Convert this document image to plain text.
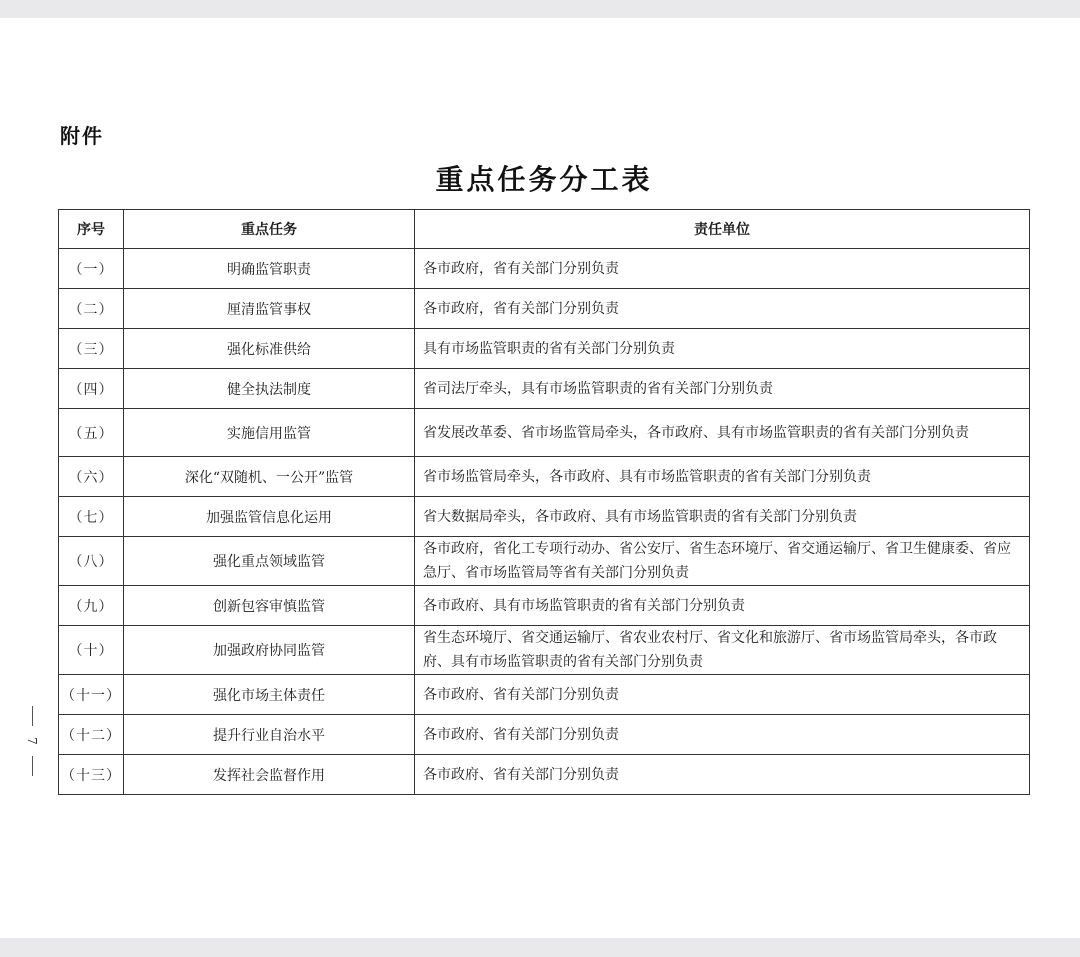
附件
重点任务分工表
序号	重点任务	责任单位
（一）	明确监管职责	各市政府，省有关部门分别负责
（二）	厘清监管事权	各市政府，省有关部门分别负责
（三）	强化标准供给	具有市场监管职责的省有关部门分别负责
（四）	健全执法制度	省司法厅牵头，具有市场监管职责的省有关部门分别负责
（五）	实施信用监管	省发展改革委、省市场监管局牵头，各市政府、具有市场监管职责的省有关部门分别负责
（六）	深化“双随机、一公开”监管	省市场监管局牵头，各市政府、具有市场监管职责的省有关部门分别负责
（七）	加强监管信息化运用	省大数据局牵头，各市政府、具有市场监管职责的省有关部门分别负责
（八）	强化重点领域监管	各市政府，省化工专项行动办、省公安厅、省生态环境厅、省交通运输厅、省卫生健康委、省应急厅、省市场监管局等省有关部门分别负责
（九）	创新包容审慎监管	各市政府、具有市场监管职责的省有关部门分别负责
（十）	加强政府协同监管	省生态环境厅、省交通运输厅、省农业农村厅、省文化和旅游厅、省市场监管局牵头，各市政府、具有市场监管职责的省有关部门分别负责
（十一）	强化市场主体责任	各市政府、省有关部门分别负责
（十二）	提升行业自治水平	各市政府、省有关部门分别负责
（十三）	发挥社会监督作用	各市政府、省有关部门分别负责
7
